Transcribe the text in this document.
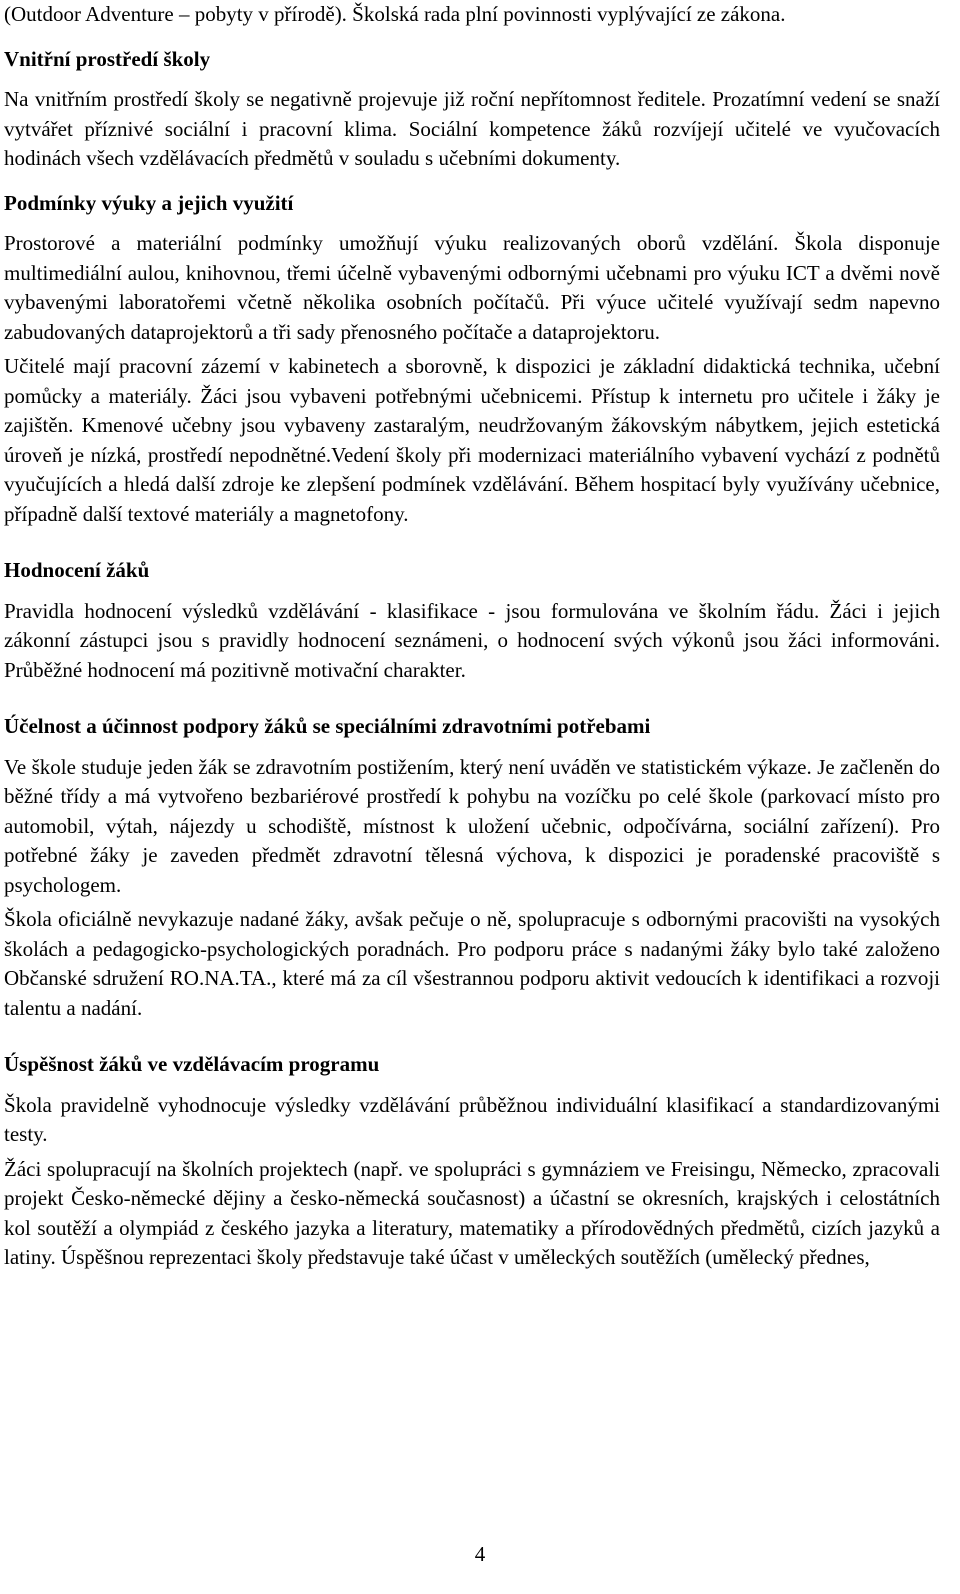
(Outdoor Adventure – pobyty v přírodě). Školská rada plní povinnosti vyplývající ze zákona.

Vnitřní prostředí školy

Na vnitřním prostředí školy se negativně projevuje již roční nepřítomnost ředitele. Prozatímní vedení se snaží vytvářet příznivé sociální i pracovní klima. Sociální kompetence žáků rozvíjejí učitelé ve vyučovacích hodinách všech vzdělávacích předmětů v souladu s učebními dokumenty.

Podmínky výuky a jejich využití

Prostorové a materiální podmínky umožňují výuku realizovaných oborů vzdělání. Škola disponuje multimediální aulou, knihovnou, třemi účelně vybavenými odbornými učebnami pro výuku ICT a dvěmi nově vybavenými laboratořemi včetně několika osobních počítačů. Při výuce učitelé využívají sedm napevno zabudovaných dataprojektorů a tři sady přenosného počítače a dataprojektoru.

Učitelé mají pracovní zázemí v kabinetech a sborovně, k dispozici je základní didaktická technika, učební pomůcky a materiály. Žáci jsou vybaveni potřebnými učebnicemi. Přístup k internetu pro učitele i žáky je zajištěn. Kmenové učebny jsou vybaveny zastaralým, neudržovaným žákovským nábytkem, jejich estetická úroveň je nízká, prostředí nepodnětné.Vedení školy při modernizaci materiálního vybavení vychází z podnětů vyučujících a hledá další zdroje ke zlepšení podmínek vzdělávání. Během hospitací byly využívány učebnice, případně další textové materiály a magnetofony.

Hodnocení žáků

Pravidla hodnocení výsledků vzdělávání - klasifikace - jsou formulována ve školním řádu. Žáci i jejich zákonní zástupci jsou s pravidly hodnocení seznámeni, o hodnocení svých výkonů jsou žáci informováni. Průběžné hodnocení má pozitivně motivační charakter.

Účelnost a účinnost podpory žáků se speciálními zdravotními potřebami

Ve škole studuje jeden žák se zdravotním postižením, který není uváděn ve statistickém výkaze. Je začleněn do běžné třídy a má vytvořeno bezbariérové prostředí k pohybu na vozíčku po celé škole (parkovací místo pro automobil, výtah, nájezdy u schodiště, místnost k uložení učebnic, odpočívárna, sociální zařízení). Pro potřebné žáky je zaveden předmět zdravotní tělesná výchova, k dispozici je poradenské pracoviště s psychologem.

Škola oficiálně nevykazuje nadané žáky, avšak pečuje o ně, spolupracuje s odbornými pracovišti na vysokých školách a pedagogicko-psychologických poradnách. Pro podporu práce s nadanými žáky bylo také založeno Občanské sdružení RO.NA.TA., které má za cíl všestrannou podporu aktivit vedoucích k identifikaci a rozvoji talentu a nadání.

Úspěšnost žáků ve vzdělávacím programu

Škola pravidelně vyhodnocuje výsledky vzdělávání průběžnou individuální klasifikací a standardizovanými testy.

Žáci spolupracují na školních projektech (např. ve spolupráci s gymnáziem ve Freisingu, Německo, zpracovali projekt Česko-německé dějiny a česko-německá současnost) a účastní se okresních, krajských i celostátních kol soutěží a olympiád z českého jazyka a literatury, matematiky a přírodovědných předmětů, cizích jazyků a latiny. Úspěšnou reprezentaci školy představuje také účast v uměleckých soutěžích (umělecký přednes,

4
